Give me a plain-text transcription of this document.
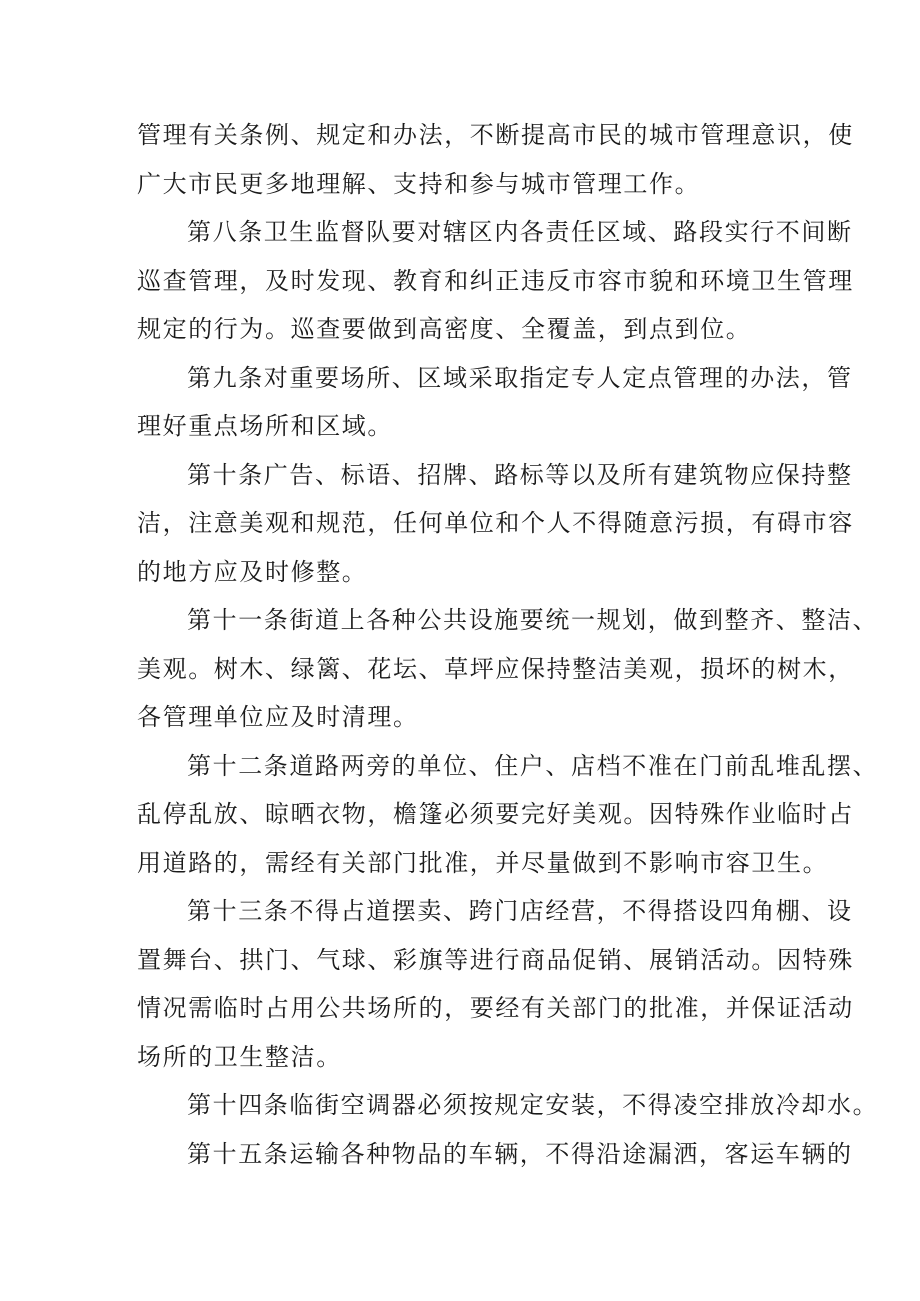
管理有关条例、规定和办法，不断提高市民的城市管理意识，使
广大市民更多地理解、支持和参与城市管理工作。
第八条卫生监督队要对辖区内各责任区域、路段实行不间断
巡查管理，及时发现、教育和纠正违反市容市貌和环境卫生管理
规定的行为。巡查要做到高密度、全覆盖，到点到位。
第九条对重要场所、区域采取指定专人定点管理的办法，管
理好重点场所和区域。
第十条广告、标语、招牌、路标等以及所有建筑物应保持整
洁，注意美观和规范，任何单位和个人不得随意污损，有碍市容
的地方应及时修整。
第十一条街道上各种公共设施要统一规划，做到整齐、整洁、
美观。树木、绿篱、花坛、草坪应保持整洁美观，损坏的树木，
各管理单位应及时清理。
第十二条道路两旁的单位、住户、店档不准在门前乱堆乱摆、
乱停乱放、晾晒衣物，檐篷必须要完好美观。因特殊作业临时占
用道路的，需经有关部门批准，并尽量做到不影响市容卫生。
第十三条不得占道摆卖、跨门店经营，不得搭设四角棚、设
置舞台、拱门、气球、彩旗等进行商品促销、展销活动。因特殊
情况需临时占用公共场所的，要经有关部门的批准，并保证活动
场所的卫生整洁。
第十四条临街空调器必须按规定安装，不得凌空排放冷却水。
第十五条运输各种物品的车辆，不得沿途漏洒，客运车辆的
